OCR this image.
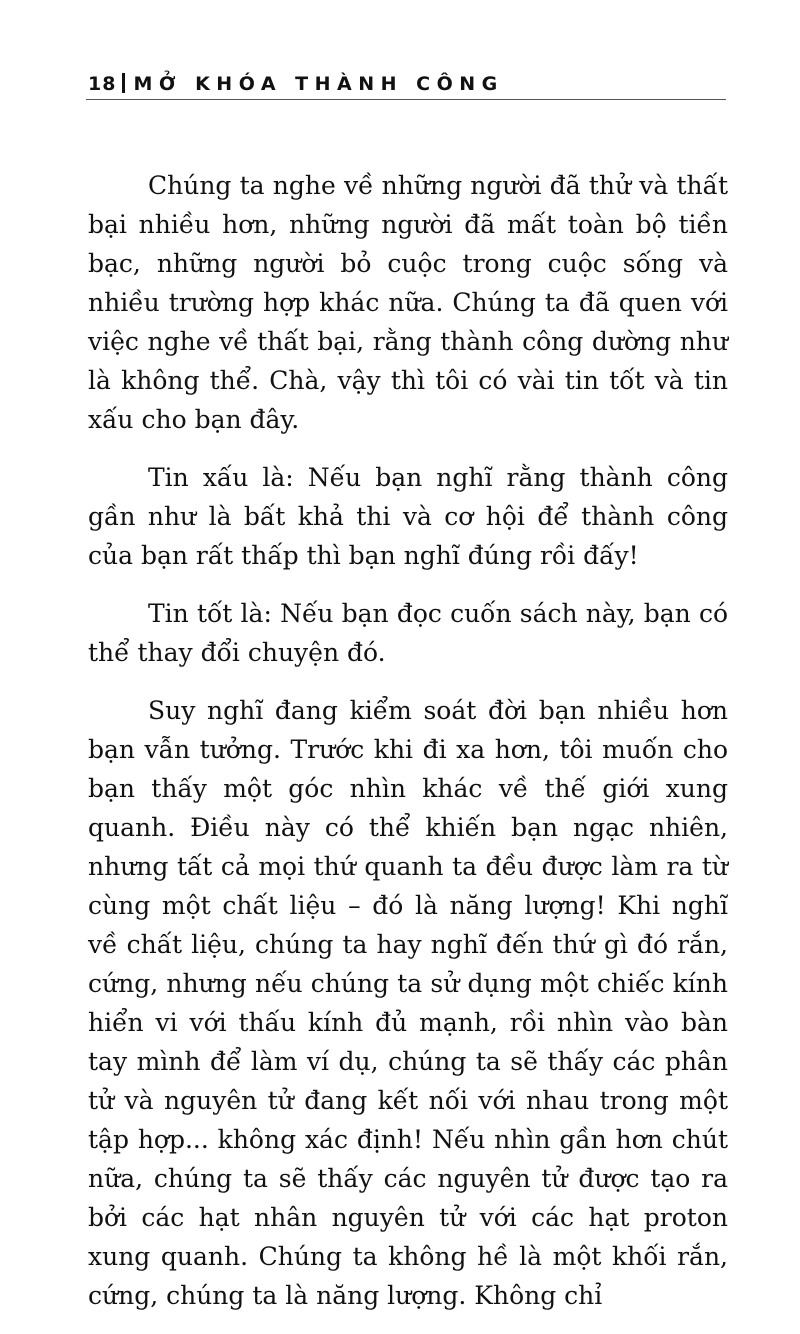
18 MỞ KHÓA THÀNH CÔNG

Chúng ta nghe về những người đã thử và thất bại nhiều hơn, những người đã mất toàn bộ tiền bạc, những người bỏ cuộc trong cuộc sống và nhiều trường hợp khác nữa. Chúng ta đã quen với việc nghe về thất bại, rằng thành công dường như là không thể. Chà, vậy thì tôi có vài tin tốt và tin xấu cho bạn đây.

Tin xấu là: Nếu bạn nghĩ rằng thành công gần như là bất khả thi và cơ hội để thành công của bạn rất thấp thì bạn nghĩ đúng rồi đấy!

Tin tốt là: Nếu bạn đọc cuốn sách này, bạn có thể thay đổi chuyện đó.

Suy nghĩ đang kiểm soát đời bạn nhiều hơn bạn vẫn tưởng. Trước khi đi xa hơn, tôi muốn cho bạn thấy một góc nhìn khác về thế giới xung quanh. Điều này có thể khiến bạn ngạc nhiên, nhưng tất cả mọi thứ quanh ta đều được làm ra từ cùng một chất liệu – đó là năng lượng! Khi nghĩ về chất liệu, chúng ta hay nghĩ đến thứ gì đó rắn, cứng, nhưng nếu chúng ta sử dụng một chiếc kính hiển vi với thấu kính đủ mạnh, rồi nhìn vào bàn tay mình để làm ví dụ, chúng ta sẽ thấy các phân tử và nguyên tử đang kết nối với nhau trong một tập hợp... không xác định! Nếu nhìn gần hơn chút nữa, chúng ta sẽ thấy các nguyên tử được tạo ra bởi các hạt nhân nguyên tử với các hạt proton xung quanh. Chúng ta không hề là một khối rắn, cứng, chúng ta là năng lượng. Không chỉ
